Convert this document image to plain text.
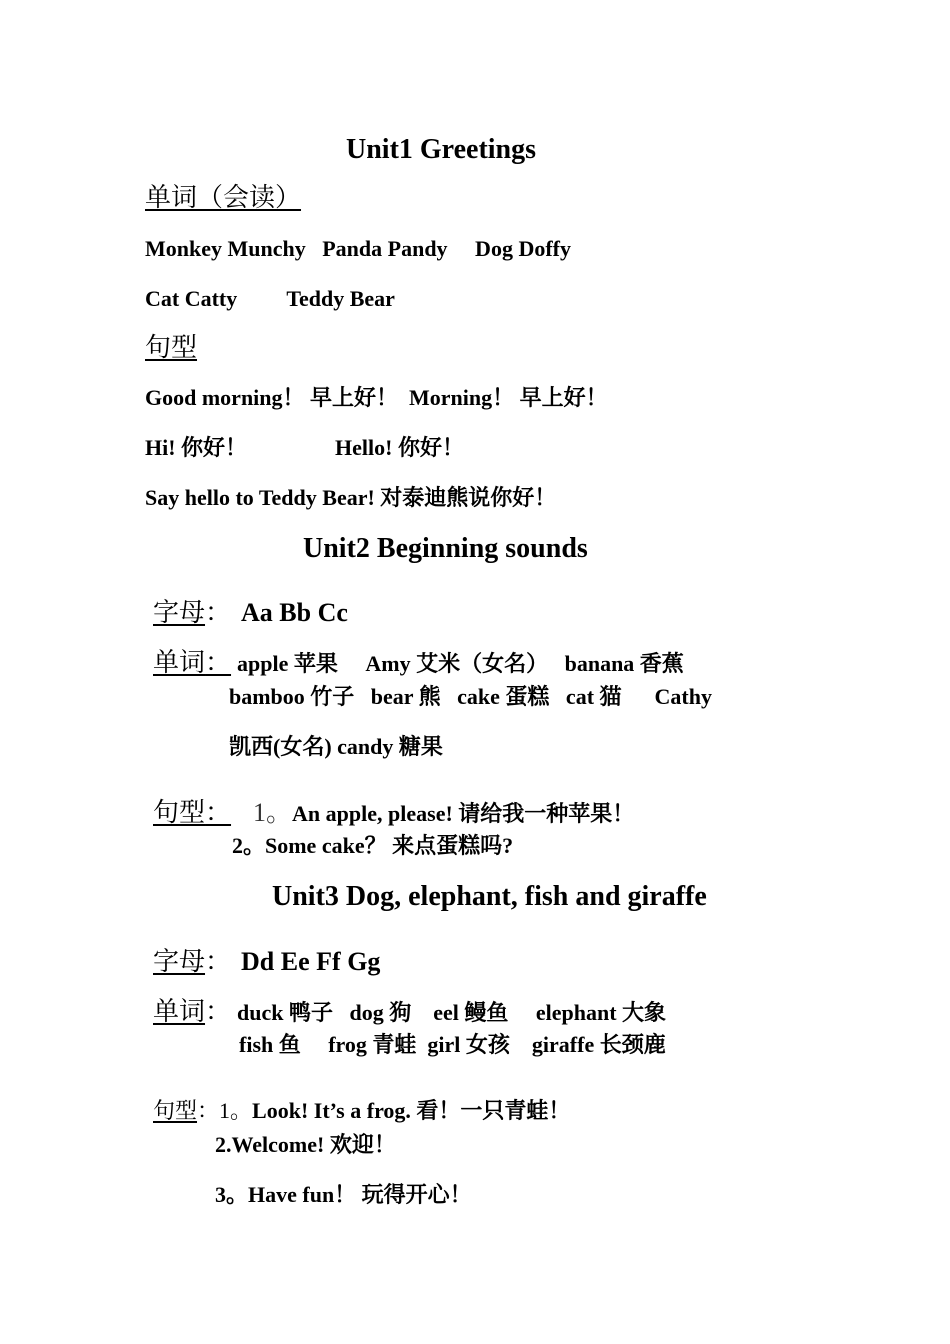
Unit1 Greetings
单词（会读）
Monkey Munchy   Panda Pandy     Dog Doffy
Cat Catty         Teddy Bear
句型
Good morning！ 早上好！  Morning！ 早上好！
Hi! 你好！                Hello! 你好！
Say hello to Teddy Bear! 对泰迪熊说你好！
Unit2 Beginning sounds

字母： Aa Bb Cc

单词： apple 苹果     Amy 艾米（女名）   banana 香蕉

bamboo 竹子   bear 熊   cake 蛋糕   cat 猫      Cathy
凯西(女名) candy 糖果

句型： 1。An apple, please! 请给我一种苹果！

2。Some cake？ 来点蛋糕吗?
Unit3 Dog, elephant, fish and giraffe

字母： Dd Ee Ff Gg

单词： duck 鸭子   dog 狗    eel 鳗鱼     elephant 大象

fish 鱼     frog 青蛙  girl 女孩    giraffe 长颈鹿

句型：1。Look! It’s a frog. 看！一只青蛙！

2.Welcome! 欢迎！
3。Have fun！ 玩得开心！
